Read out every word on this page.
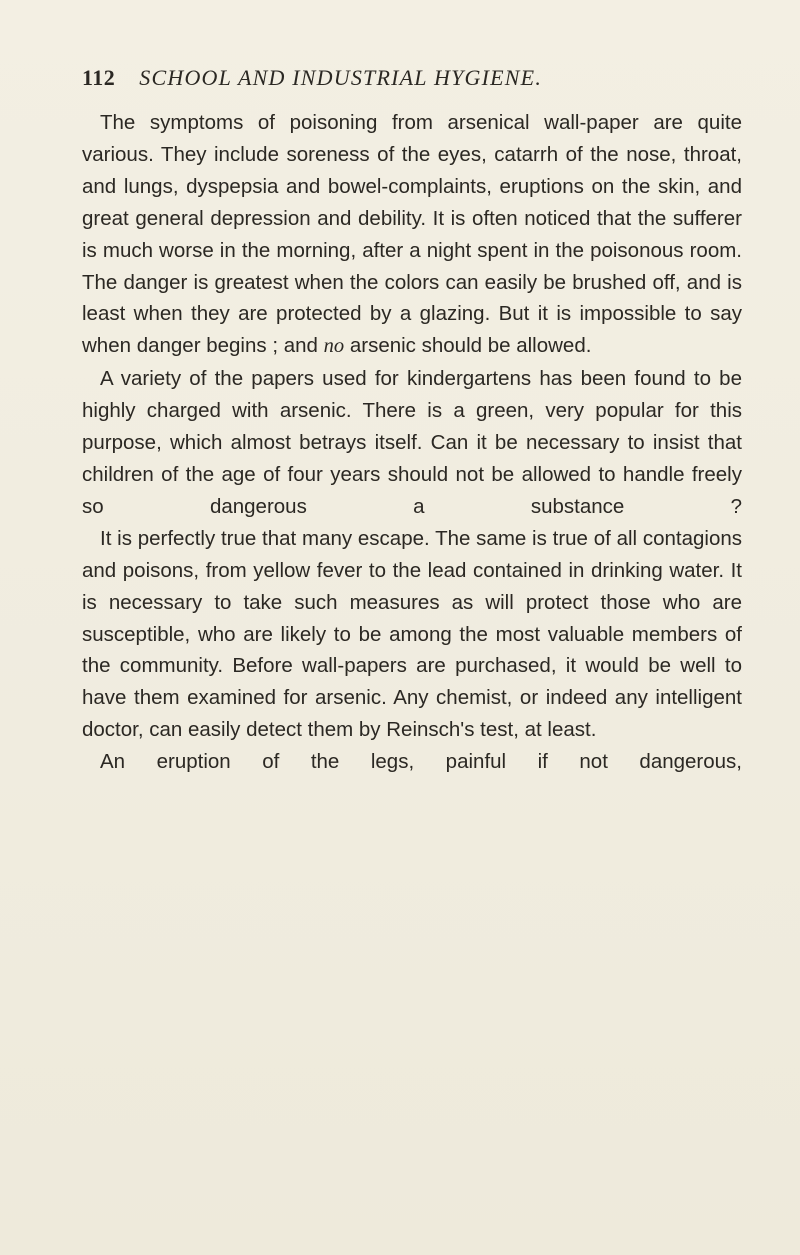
112 SCHOOL AND INDUSTRIAL HYGIENE.

The symptoms of poisoning from arsenical wall-paper are quite various. They include soreness of the eyes, catarrh of the nose, throat, and lungs, dyspepsia and bowel-complaints, eruptions on the skin, and great general depression and debility. It is often noticed that the sufferer is much worse in the morning, after a night spent in the poisonous room. The danger is greatest when the colors can easily be brushed off, and is least when they are protected by a glazing. But it is impossible to say when danger begins ; and no arsenic should be allowed.

A variety of the papers used for kindergartens has been found to be highly charged with arsenic. There is a green, very popular for this purpose, which almost betrays itself. Can it be necessary to insist that children of the age of four years should not be allowed to handle freely so dangerous a substance ?

It is perfectly true that many escape. The same is true of all contagions and poisons, from yellow fever to the lead contained in drinking water. It is necessary to take such measures as will protect those who are susceptible, who are likely to be among the most valuable members of the community. Before wall-papers are purchased, it would be well to have them examined for arsenic. Any chemist, or indeed any intelligent doctor, can easily detect them by Reinsch's test, at least.

An eruption of the legs, painful if not dangerous,
